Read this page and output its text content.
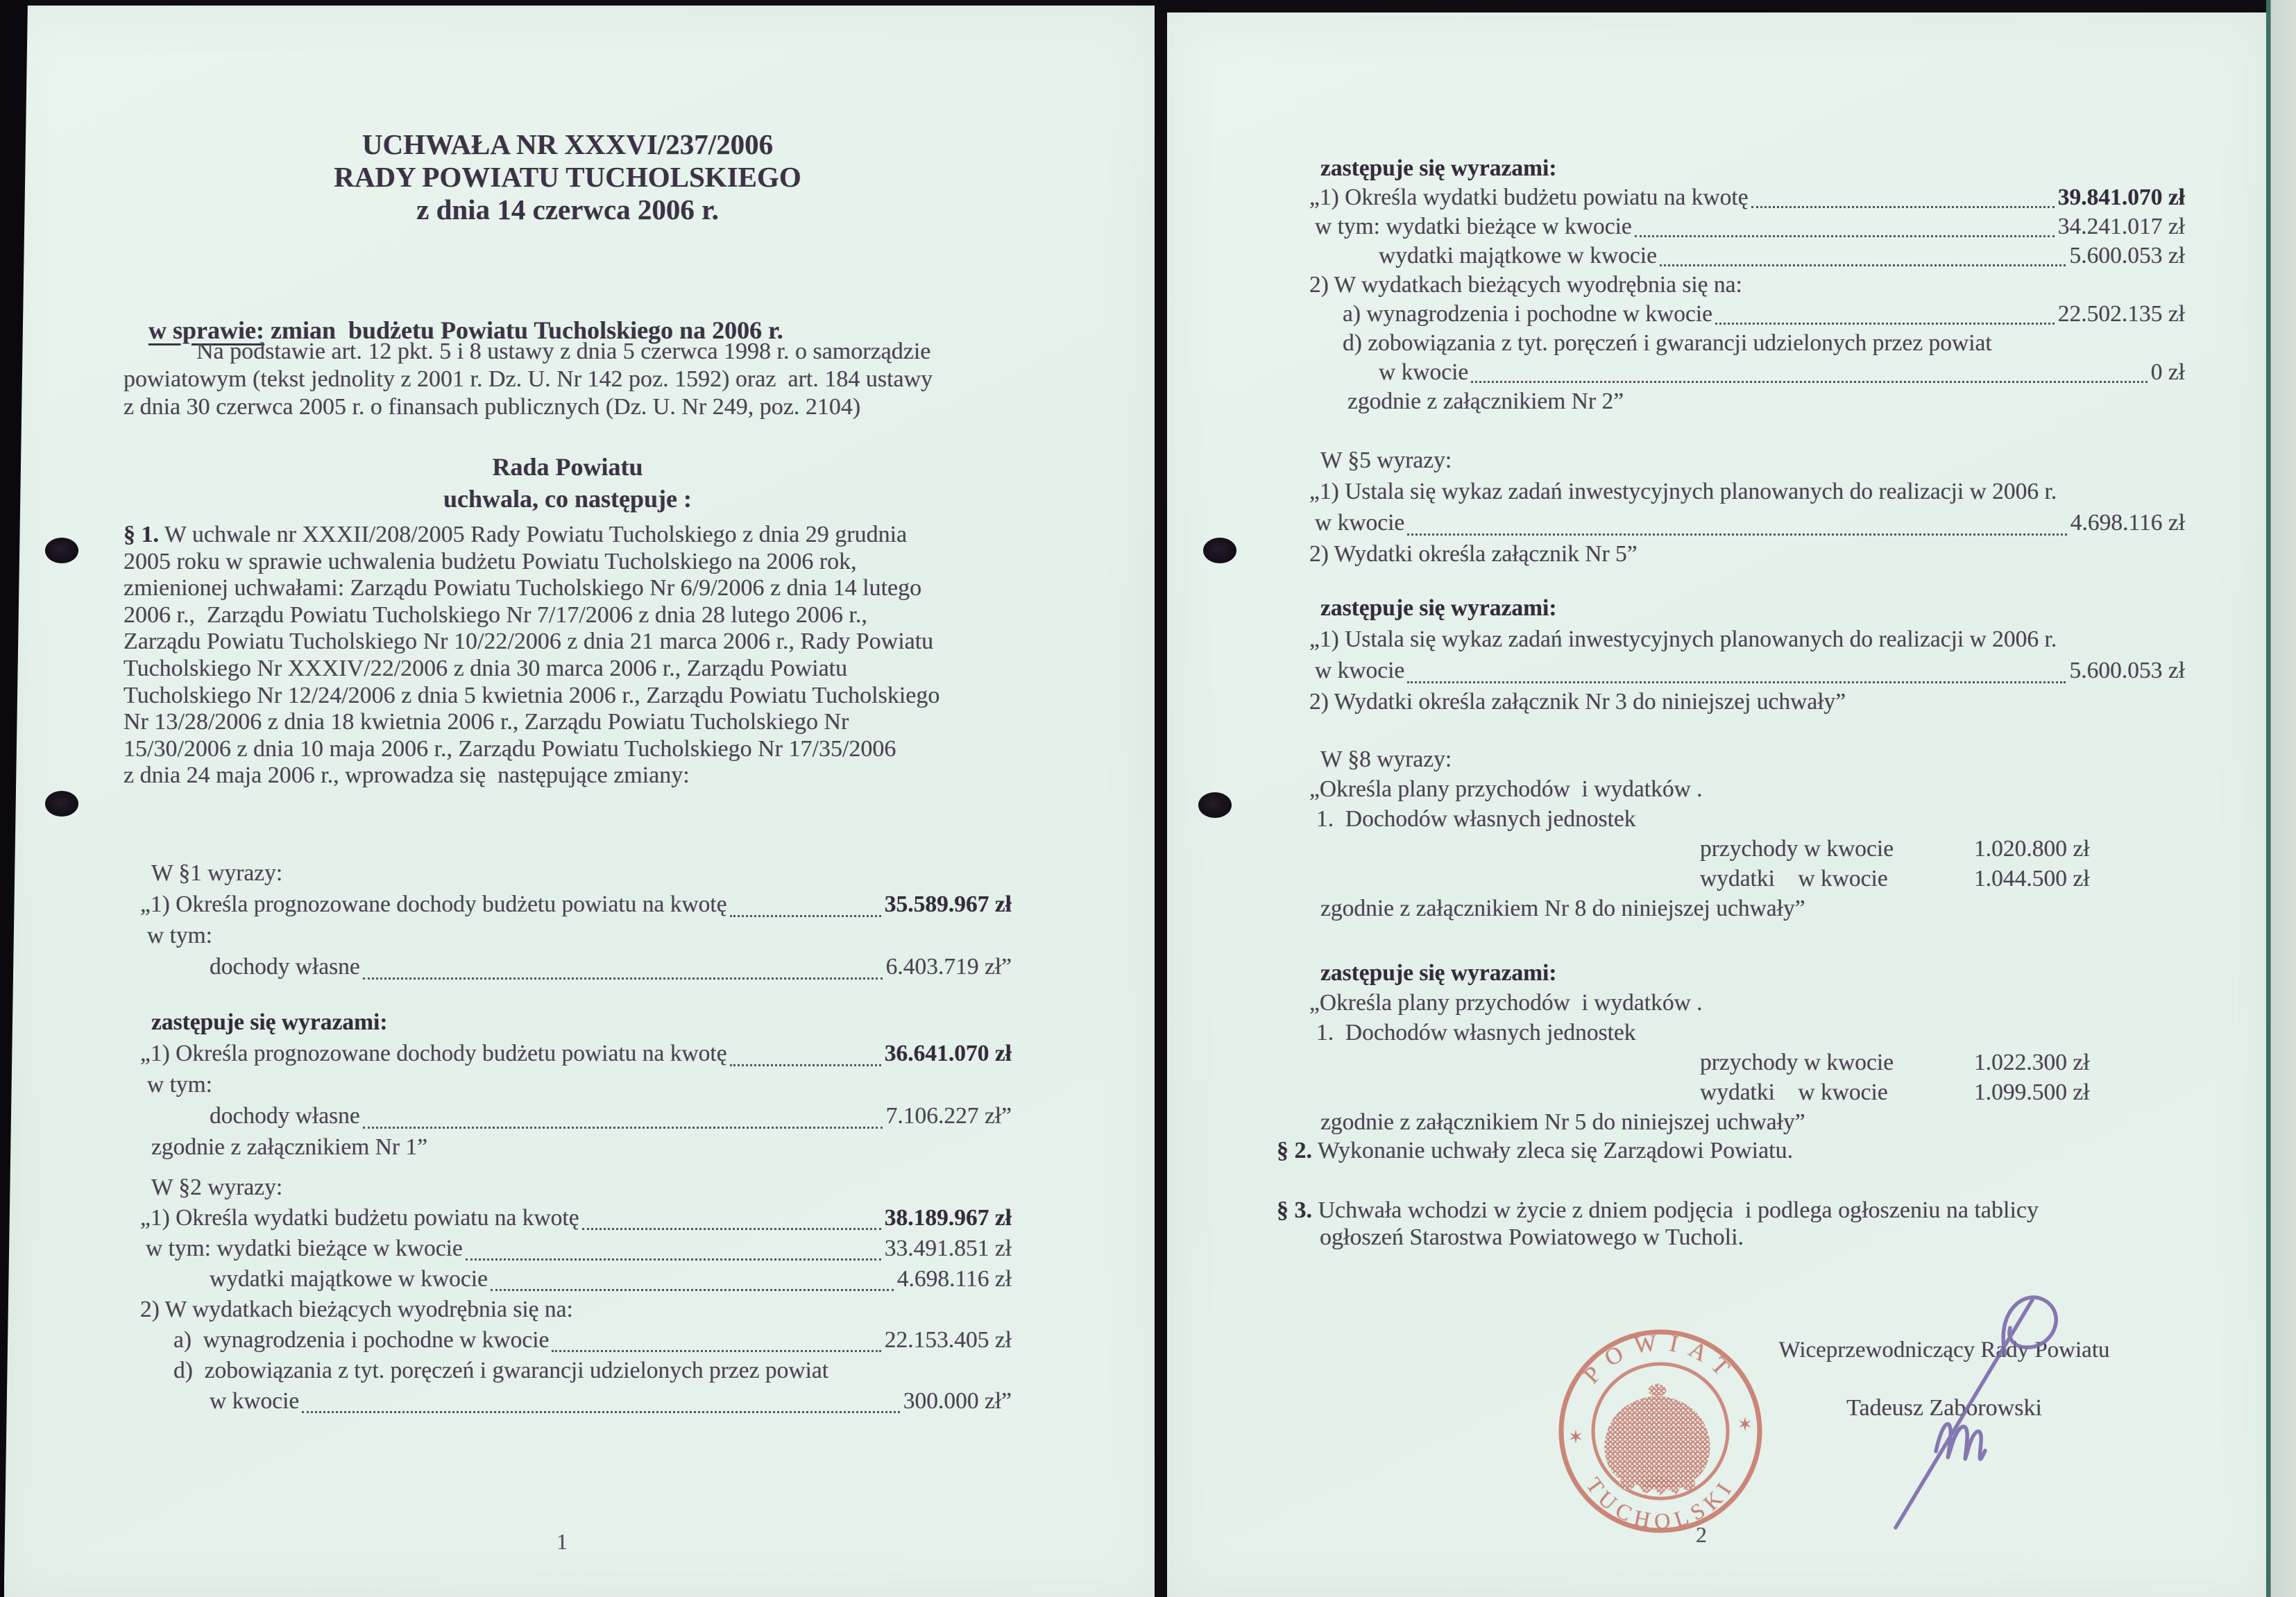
UCHWAŁA NR XXXVI/237/2006
RADY POWIATU TUCHOLSKIEGO
z dnia 14 czerwca 2006 r.

w sprawie: zmian  budżetu Powiatu Tucholskiego na 2006 r.

Na podstawie art. 12 pkt. 5 i 8 ustawy z dnia 5 czerwca 1998 r. o samorządzie
powiatowym (tekst jednolity z 2001 r. Dz. U. Nr 142 poz. 1592) oraz  art. 184 ustawy
z dnia 30 czerwca 2005 r. o finansach publicznych (Dz. U. Nr 249, poz. 2104)
Rada Powiatu
uchwala, co następuje :
§ 1. W uchwale nr XXXII/208/2005 Rady Powiatu Tucholskiego z dnia 29 grudnia
2005 roku w sprawie uchwalenia budżetu Powiatu Tucholskiego na 2006 rok,
zmienionej uchwałami: Zarządu Powiatu Tucholskiego Nr 6/9/2006 z dnia 14 lutego
2006 r.,  Zarządu Powiatu Tucholskiego Nr 7/17/2006 z dnia 28 lutego 2006 r.,
Zarządu Powiatu Tucholskiego Nr 10/22/2006 z dnia 21 marca 2006 r., Rady Powiatu
Tucholskiego Nr XXXIV/22/2006 z dnia 30 marca 2006 r., Zarządu Powiatu
Tucholskiego Nr 12/24/2006 z dnia 5 kwietnia 2006 r., Zarządu Powiatu Tucholskiego
Nr 13/28/2006 z dnia 18 kwietnia 2006 r., Zarządu Powiatu Tucholskiego Nr
15/30/2006 z dnia 10 maja 2006 r., Zarządu Powiatu Tucholskiego Nr 17/35/2006
z dnia 24 maja 2006 r., wprowadza się  następujące zmiany:
W §1 wyrazy:
„1) Określa prognozowane dochody budżetu powiatu na kwotę	35.589.967 zł
w tym:
dochody własne	6.403.719 zł”
zastępuje się wyrazami:
„1) Określa prognozowane dochody budżetu powiatu na kwotę	36.641.070 zł
w tym:
dochody własne	7.106.227 zł”
zgodnie z załącznikiem Nr 1”
W §2 wyrazy:
„1) Określa wydatki budżetu powiatu na kwotę	38.189.967 zł
w tym: wydatki bieżące w kwocie	33.491.851 zł
wydatki majątkowe w kwocie	4.698.116 zł
2) W wydatkach bieżących wyodrębnia się na:
a)  wynagrodzenia i pochodne w kwocie	22.153.405 zł
d)  zobowiązania z tyt. poręczeń i gwarancji udzielonych przez powiat
w kwocie	300.000 zł”
1
zastępuje się wyrazami:
„1) Określa wydatki budżetu powiatu na kwotę	39.841.070 zł
w tym: wydatki bieżące w kwocie	34.241.017 zł
wydatki majątkowe w kwocie	5.600.053 zł
2) W wydatkach bieżących wyodrębnia się na:
a) wynagrodzenia i pochodne w kwocie	22.502.135 zł
d) zobowiązania z tyt. poręczeń i gwarancji udzielonych przez powiat
w kwocie	0 zł
zgodnie z załącznikiem Nr 2”
W §5 wyrazy:
„1) Ustala się wykaz zadań inwestycyjnych planowanych do realizacji w 2006 r.
w kwocie	4.698.116 zł
2) Wydatki określa załącznik Nr 5”
zastępuje się wyrazami:
„1) Ustala się wykaz zadań inwestycyjnych planowanych do realizacji w 2006 r.
w kwocie	5.600.053 zł
2) Wydatki określa załącznik Nr 3 do niniejszej uchwały”
W §8 wyrazy:
„Określa plany przychodów  i wydatków .
1.  Dochodów własnych jednostek
przychody w kwocie	1.020.800 zł
wydatki    w kwocie	1.044.500 zł
zgodnie z załącznikiem Nr 8 do niniejszej uchwały”
zastępuje się wyrazami:
„Określa plany przychodów  i wydatków .
1.  Dochodów własnych jednostek
przychody w kwocie	1.022.300 zł
wydatki    w kwocie	1.099.500 zł
zgodnie z załącznikiem Nr 5 do niniejszej uchwały”
§ 2. Wykonanie uchwały zleca się Zarządowi Powiatu.
§ 3. Uchwała wchodzi w życie z dniem podjęcia  i podlega ogłoszeniu na tablicy
ogłoszeń Starostwa Powiatowego w Tucholi.
POWIAT
TUCHOLSKI
✶
✶
Wiceprzewodniczący Rady Powiatu
Tadeusz Zaborowski
2
